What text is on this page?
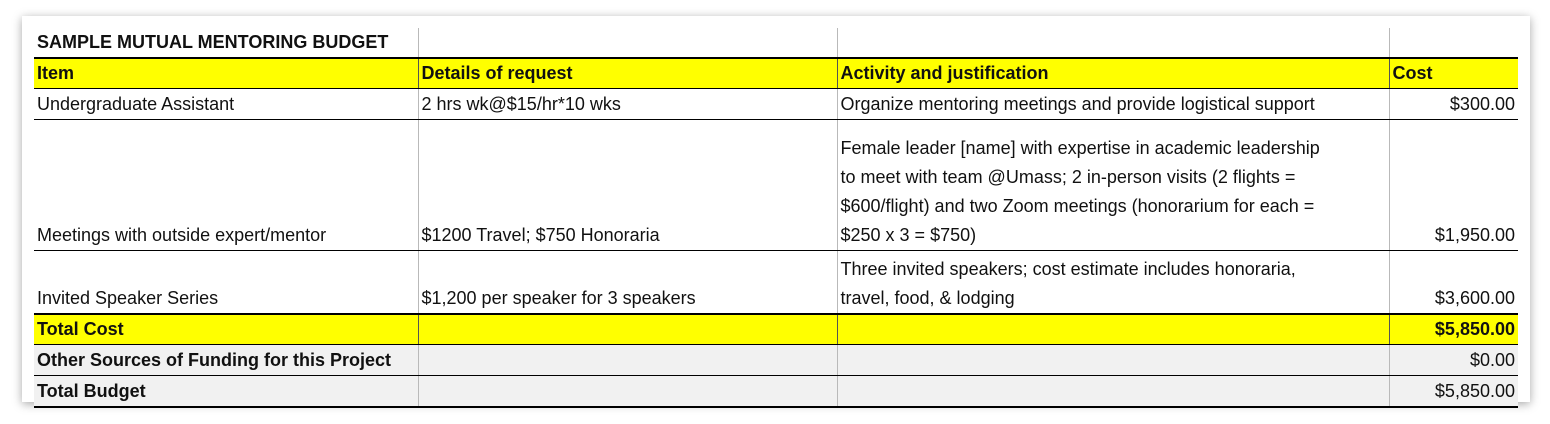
SAMPLE MUTUAL MENTORING BUDGET			
Item	Details of request	Activity and justification	Cost
Undergraduate Assistant	2 hrs wk@$15/hr*10 wks	Organize mentoring meetings and provide logistical support	$300.00
Meetings with outside expert/mentor	$1200 Travel; $750 Honoraria	Female leader [name] with expertise in academic leadership
to meet with team @Umass; 2 in-person visits (2 flights =
$600/flight) and two Zoom meetings (honorarium for each =
$250 x 3 = $750)	$1,950.00
Invited Speaker Series	$1,200 per speaker for 3 speakers	Three invited speakers; cost estimate includes honoraria,
travel, food, & lodging	$3,600.00
Total Cost			$5,850.00
Other Sources of Funding for this Project			$0.00
Total Budget			$5,850.00
